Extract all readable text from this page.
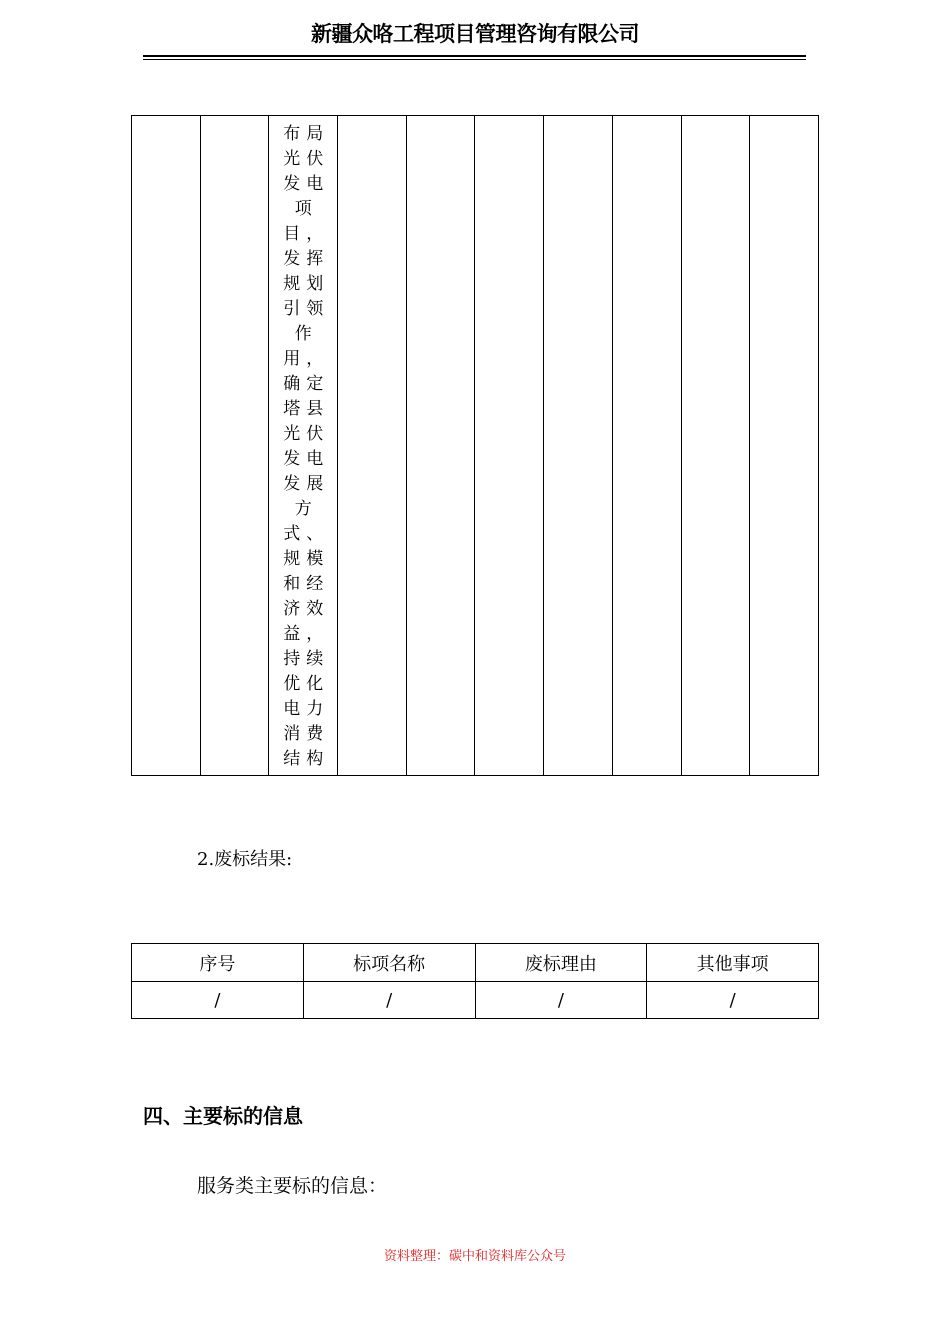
新疆众咯工程项目管理咨询有限公司

布局
光伏
发电
项
目，
发挥
规划
引领
作
用，
确定
塔县
光伏
发电
发展
方
式、
规模
和经
济效
益，
持续
优化
电力
消费
结构

2.废标结果:
序号	标项名称	废标理由	其他事项
/	/	/	/
四、主要标的信息
服务类主要标的信息：
资料整理：碳中和资料库公众号
